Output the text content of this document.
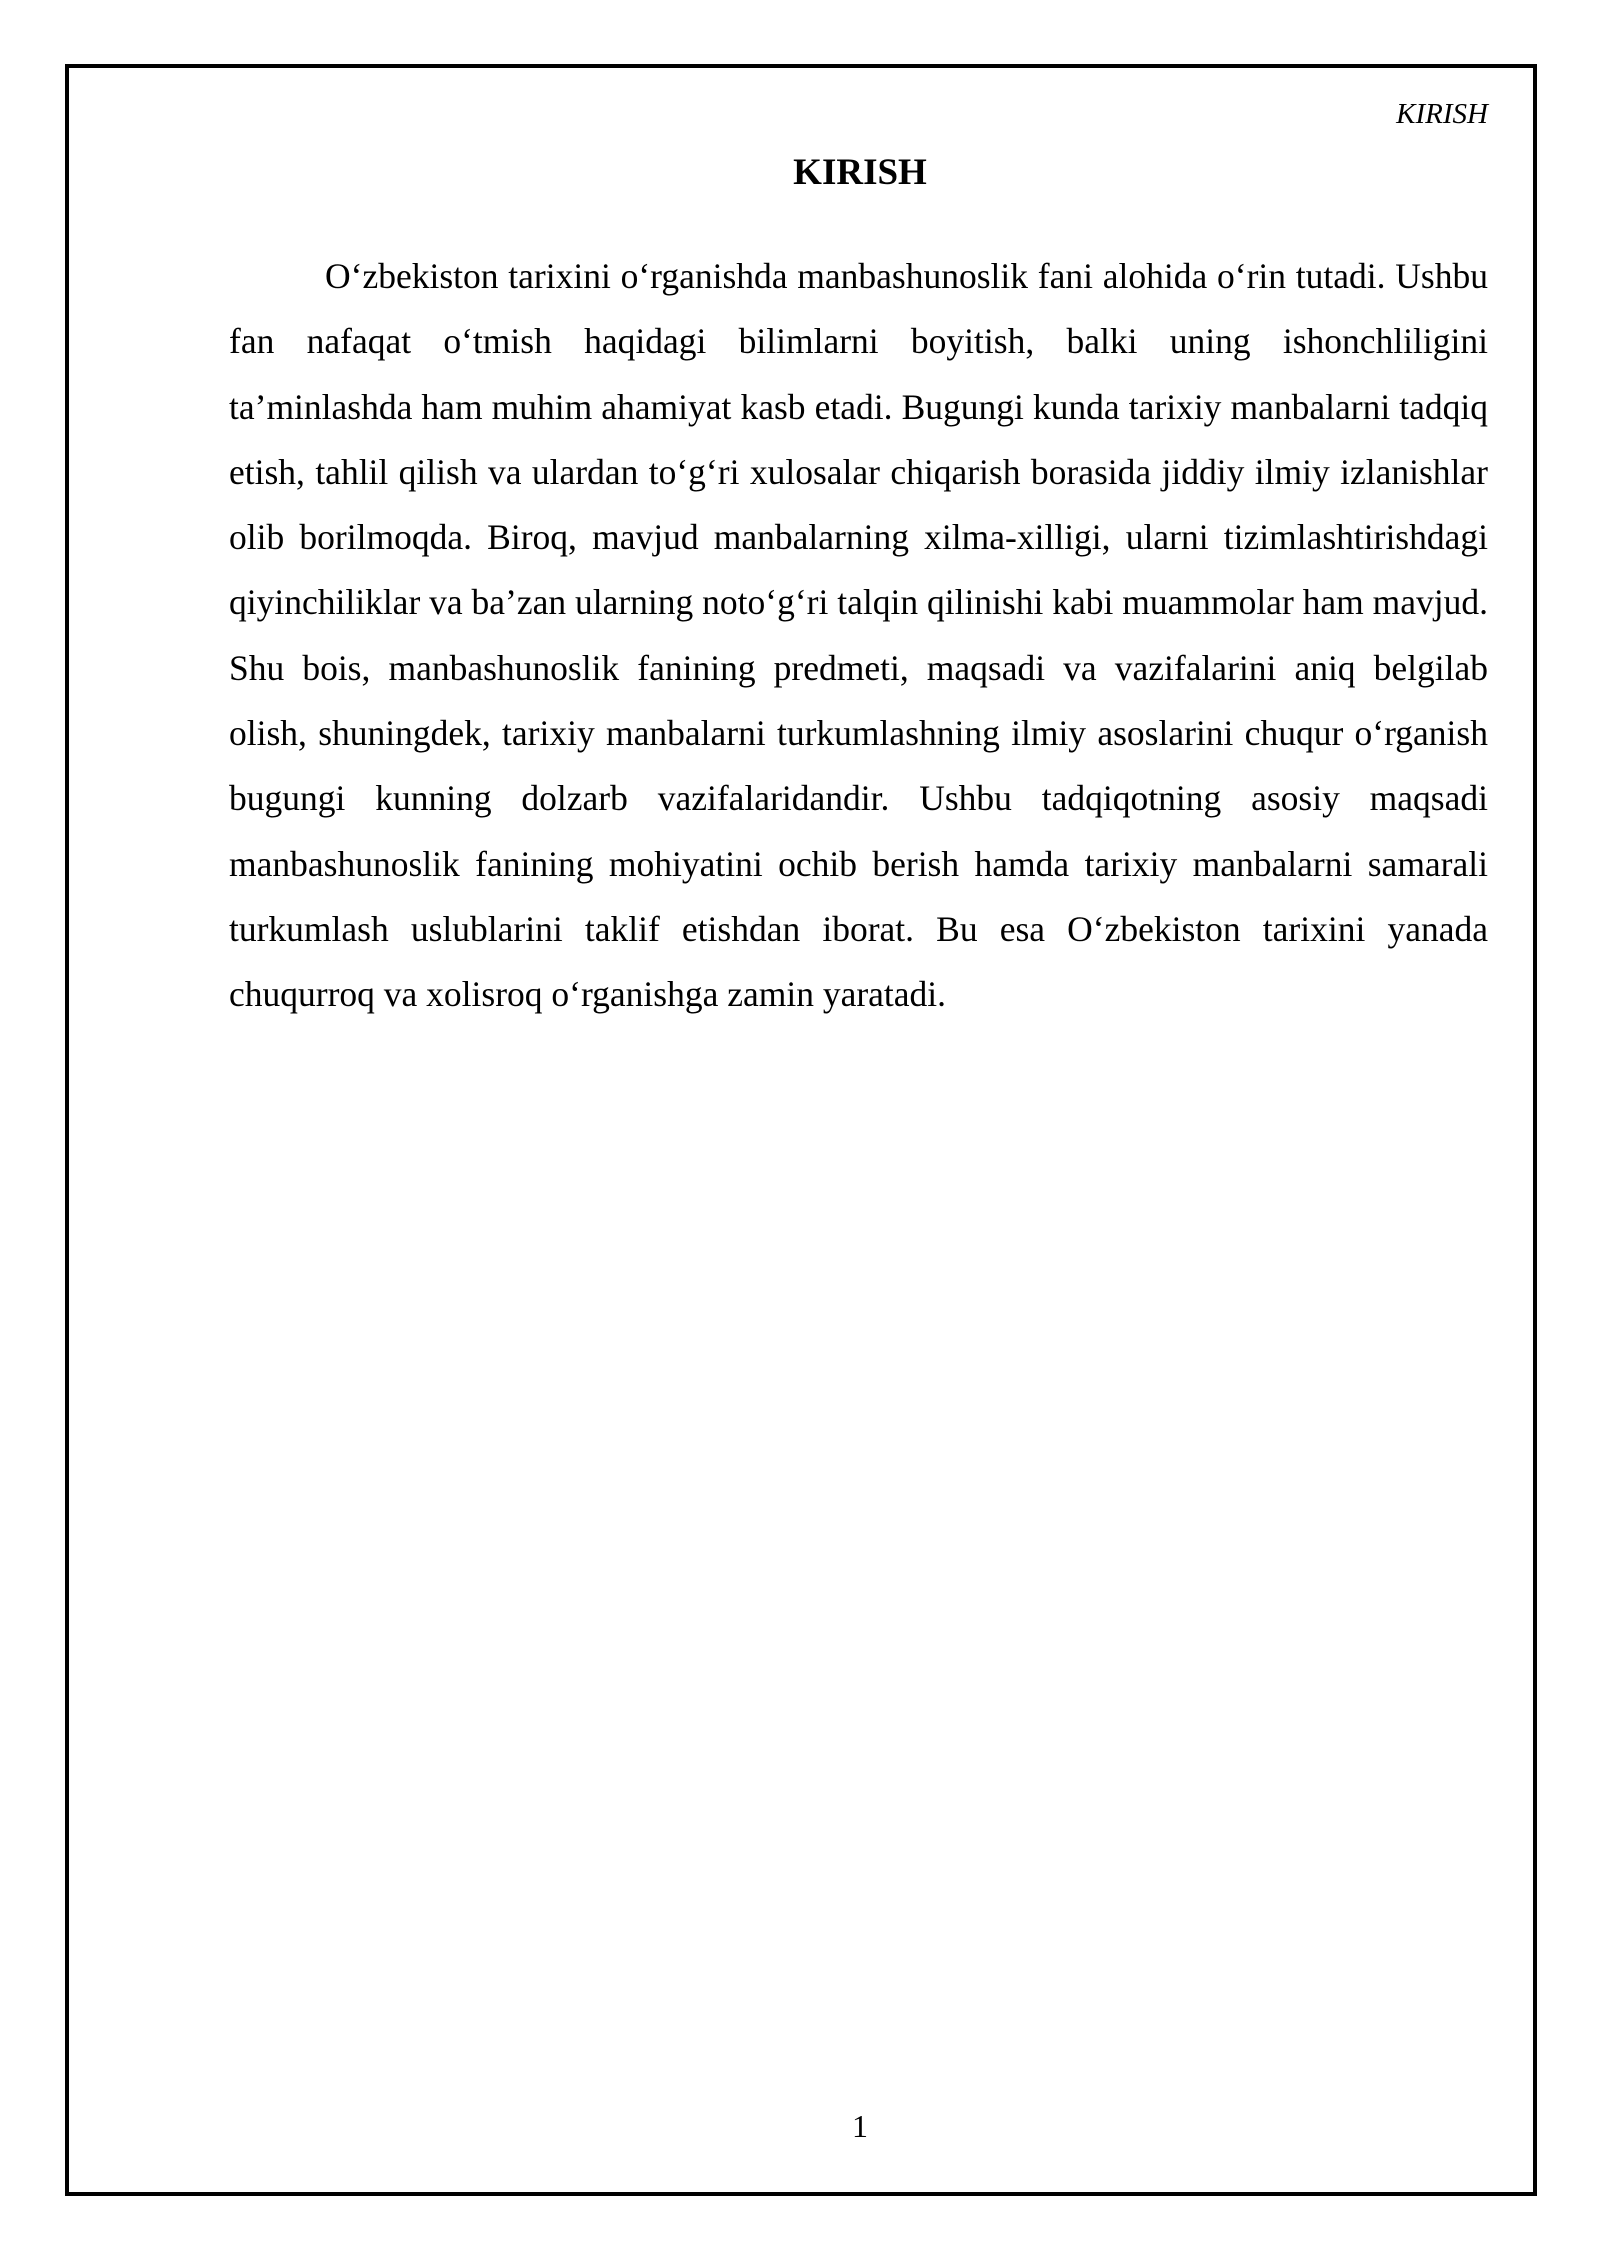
KIRISH
KIRISH

O‘zbekiston tarixini o‘rganishda manbashunoslik fani alohida o‘rin tutadi. Ushbu fan nafaqat o‘tmish haqidagi bilimlarni boyitish, balki uning ishonchliligini ta’minlashda ham muhim ahamiyat kasb etadi. Bugungi kunda tarixiy manbalarni tadqiq etish, tahlil qilish va ulardan to‘g‘ri xulosalar chiqarish borasida jiddiy ilmiy izlanishlar olib borilmoqda. Biroq, mavjud manbalarning xilma-xilligi, ularni tizimlashtirishdagi qiyinchiliklar va ba’zan ularning noto‘g‘ri talqin qilinishi kabi muammolar ham mavjud. Shu bois, manbashunoslik fanining predmeti, maqsadi va vazifalarini aniq belgilab olish, shuningdek, tarixiy manbalarni turkumlashning ilmiy asoslarini chuqur o‘rganish bugungi kunning dolzarb vazifalaridandir. Ushbu tadqiqotning asosiy maqsadi manbashunoslik fanining mohiyatini ochib berish hamda tarixiy manbalarni samarali turkumlash uslublarini taklif etishdan iborat. Bu esa O‘zbekiston tarixini yanada chuqurroq va xolisroq o‘rganishga zamin yaratadi.

1
